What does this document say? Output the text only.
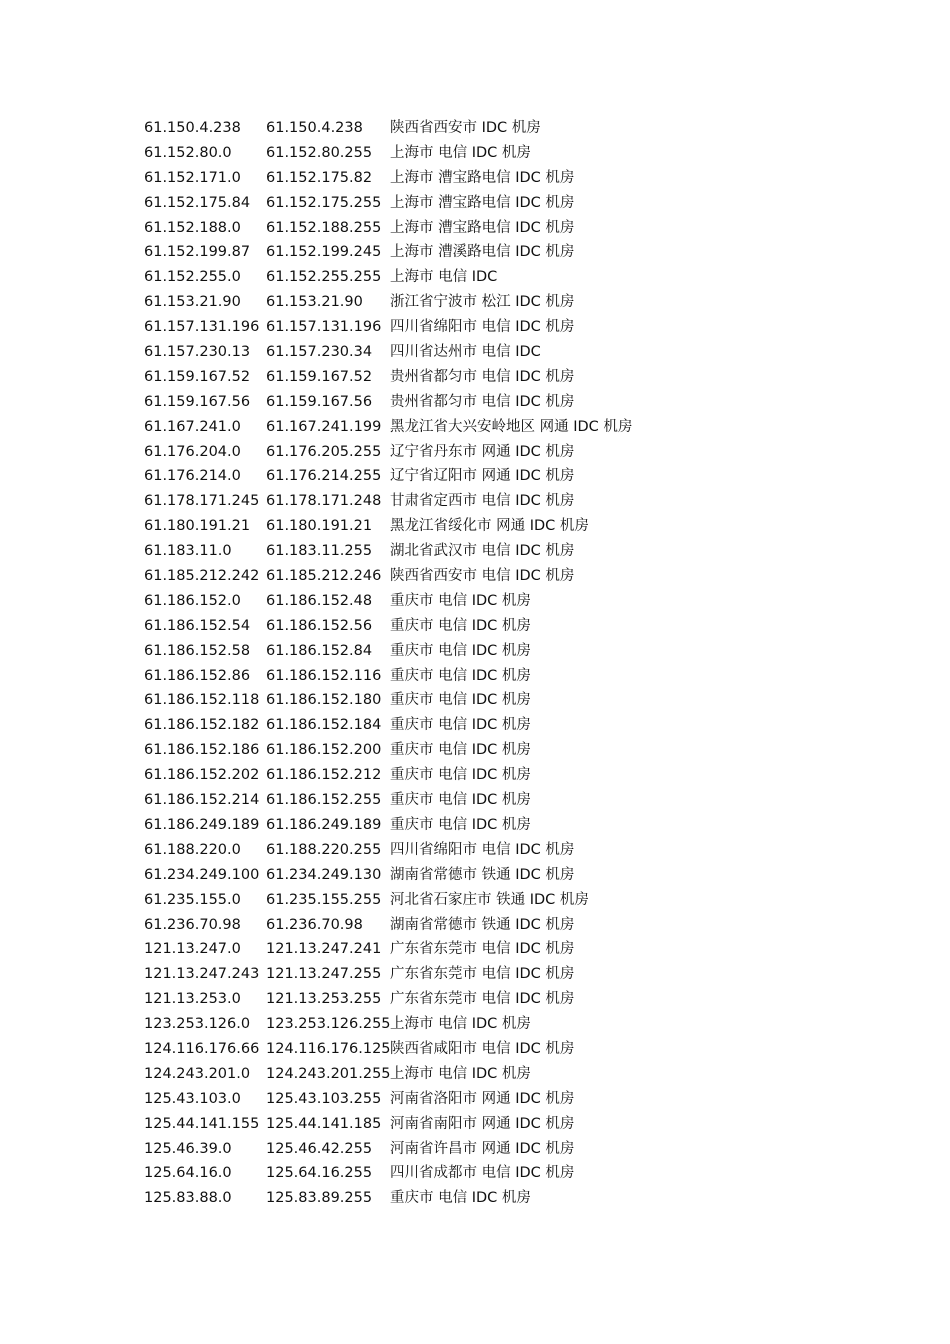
61.150.4.238	61.150.4.238	陕西省西安市 IDC 机房
61.152.80.0	61.152.80.255	上海市 电信 IDC 机房
61.152.171.0	61.152.175.82	上海市 漕宝路电信 IDC 机房
61.152.175.84	61.152.175.255 上海市 漕宝路电信 IDC 机房
61.152.188.0	61.152.188.255 上海市 漕宝路电信 IDC 机房
61.152.199.87	61.152.199.245 上海市 漕溪路电信 IDC 机房
61.152.255.0	61.152.255.255 上海市 电信 IDC
61.153.21.90	61.153.21.90	浙江省宁波市 松江 IDC 机房
61.157.131.196 61.157.131.196 四川省绵阳市 电信 IDC 机房
61.157.230.13	61.157.230.34	四川省达州市 电信 IDC
61.159.167.52	61.159.167.52	贵州省都匀市 电信 IDC 机房
61.159.167.56	61.159.167.56	贵州省都匀市 电信 IDC 机房
61.167.241.0	61.167.241.199 黑龙江省大兴安岭地区 网通 IDC 机房
61.176.204.0	61.176.205.255 辽宁省丹东市 网通 IDC 机房
61.176.214.0	61.176.214.255 辽宁省辽阳市 网通 IDC 机房
61.178.171.245 61.178.171.248 甘肃省定西市 电信 IDC 机房
61.180.191.21	61.180.191.21	黑龙江省绥化市 网通 IDC 机房
61.183.11.0	61.183.11.255	湖北省武汉市 电信 IDC 机房
61.185.212.242 61.185.212.246 陕西省西安市 电信 IDC 机房
61.186.152.0	61.186.152.48	重庆市 电信 IDC 机房
61.186.152.54	61.186.152.56	重庆市 电信 IDC 机房
61.186.152.58	61.186.152.84	重庆市 电信 IDC 机房
61.186.152.86	61.186.152.116 重庆市 电信 IDC 机房
61.186.152.118 61.186.152.180 重庆市 电信 IDC 机房
61.186.152.182 61.186.152.184 重庆市 电信 IDC 机房
61.186.152.186 61.186.152.200 重庆市 电信 IDC 机房
61.186.152.202 61.186.152.212 重庆市 电信 IDC 机房
61.186.152.214 61.186.152.255 重庆市 电信 IDC 机房
61.186.249.189 61.186.249.189 重庆市 电信 IDC 机房
61.188.220.0	61.188.220.255 四川省绵阳市 电信 IDC 机房
61.234.249.100 61.234.249.130 湖南省常德市 铁通 IDC 机房
61.235.155.0	61.235.155.255 河北省石家庄市 铁通 IDC 机房
61.236.70.98	61.236.70.98	湖南省常德市 铁通 IDC 机房
121.13.247.0	121.13.247.241 广东省东莞市 电信 IDC 机房
121.13.247.243 121.13.247.255 广东省东莞市 电信 IDC 机房
121.13.253.0	121.13.253.255 广东省东莞市 电信 IDC 机房
123.253.126.0	123.253.126.255 上海市 电信 IDC 机房
124.116.176.66 124.116.176.125 陕西省咸阳市 电信 IDC 机房
124.243.201.0	124.243.201.255 上海市 电信 IDC 机房
125.43.103.0	125.43.103.255 河南省洛阳市 网通 IDC 机房
125.44.141.155 125.44.141.185 河南省南阳市 网通 IDC 机房
125.46.39.0	125.46.42.255	河南省许昌市 网通 IDC 机房
125.64.16.0	125.64.16.255	四川省成都市 电信 IDC 机房
125.83.88.0	125.83.89.255	重庆市 电信 IDC 机房
